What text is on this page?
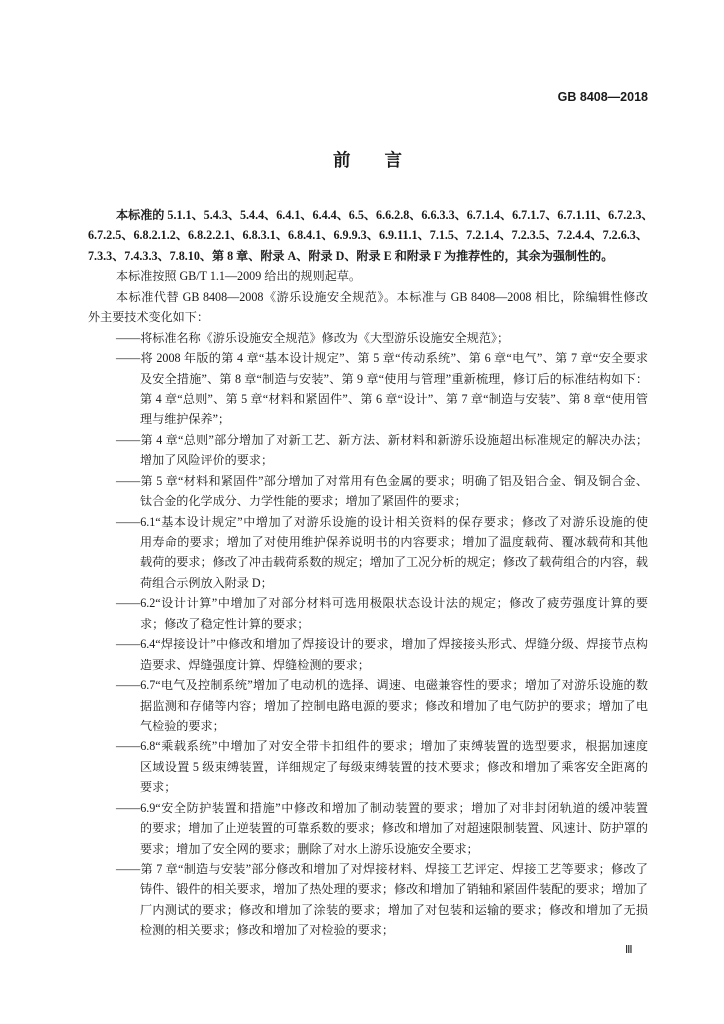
GB 8408—2018
前　言
本标准的 5.1.1、5.4.3、5.4.4、6.4.1、6.4.4、6.5、6.6.2.8、6.6.3.3、6.7.1.4、6.7.1.7、6.7.1.11、6.7.2.3、
6.7.2.5、6.8.2.1.2、6.8.2.2.1、6.8.3.1、6.8.4.1、6.9.9.3、6.9.11.1、7.1.5、7.2.1.4、7.2.3.5、7.2.4.4、7.2.6.3、
7.3.3、7.4.3.3、7.8.10、第 8 章、附录 A、附录 D、附录 E 和附录 F 为推荐性的，其余为强制性的。
本标准按照 GB/T 1.1—2009 给出的规则起草。
本标准代替 GB 8408—2008《游乐设施安全规范》。本标准与 GB 8408—2008 相比，除编辑性修改
外主要技术变化如下：
——将标准名称《游乐设施安全规范》修改为《大型游乐设施安全规范》；
——将 2008 年版的第 4 章“基本设计规定”、第 5 章“传动系统”、第 6 章“电气”、第 7 章“安全要求
及安全措施”、第 8 章“制造与安装”、第 9 章“使用与管理”重新梳理，修订后的标准结构如下：
第 4 章“总则”、第 5 章“材料和紧固件”、第 6 章“设计”、第 7 章“制造与安装”、第 8 章“使用管
理与维护保养”；
——第 4 章“总则”部分增加了对新工艺、新方法、新材料和新游乐设施超出标准规定的解决办法；
增加了风险评价的要求；
——第 5 章“材料和紧固件”部分增加了对常用有色金属的要求；明确了铝及铝合金、铜及铜合金、
钛合金的化学成分、力学性能的要求；增加了紧固件的要求；
——6.1“基本设计规定”中增加了对游乐设施的设计相关资料的保存要求；修改了对游乐设施的使
用寿命的要求；增加了对使用维护保养说明书的内容要求；增加了温度载荷、覆冰载荷和其他
载荷的要求；修改了冲击载荷系数的规定；增加了工况分析的规定；修改了载荷组合的内容，载
荷组合示例放入附录 D；
——6.2“设计计算”中增加了对部分材料可选用极限状态设计法的规定；修改了疲劳强度计算的要
求；修改了稳定性计算的要求；
——6.4“焊接设计”中修改和增加了焊接设计的要求，增加了焊接接头形式、焊缝分级、焊接节点构
造要求、焊缝强度计算、焊缝检测的要求；
——6.7“电气及控制系统”增加了电动机的选择、调速、电磁兼容性的要求；增加了对游乐设施的数
据监测和存储等内容；增加了控制电路电源的要求；修改和增加了电气防护的要求；增加了电
气检验的要求；
——6.8“乘载系统”中增加了对安全带卡扣组件的要求；增加了束缚装置的选型要求，根据加速度
区域设置 5 级束缚装置，详细规定了每级束缚装置的技术要求；修改和增加了乘客安全距离的
要求；
——6.9“安全防护装置和措施”中修改和增加了制动装置的要求；增加了对非封闭轨道的缓冲装置
的要求；增加了止逆装置的可靠系数的要求；修改和增加了对超速限制装置、风速计、防护罩的
要求；增加了安全网的要求；删除了对水上游乐设施安全要求；
——第 7 章“制造与安装”部分修改和增加了对焊接材料、焊接工艺评定、焊接工艺等要求；修改了
铸件、锻件的相关要求，增加了热处理的要求；修改和增加了销轴和紧固件装配的要求；增加了
厂内测试的要求；修改和增加了涂装的要求；增加了对包装和运输的要求；修改和增加了无损
检测的相关要求；修改和增加了对检验的要求；
Ⅲ
